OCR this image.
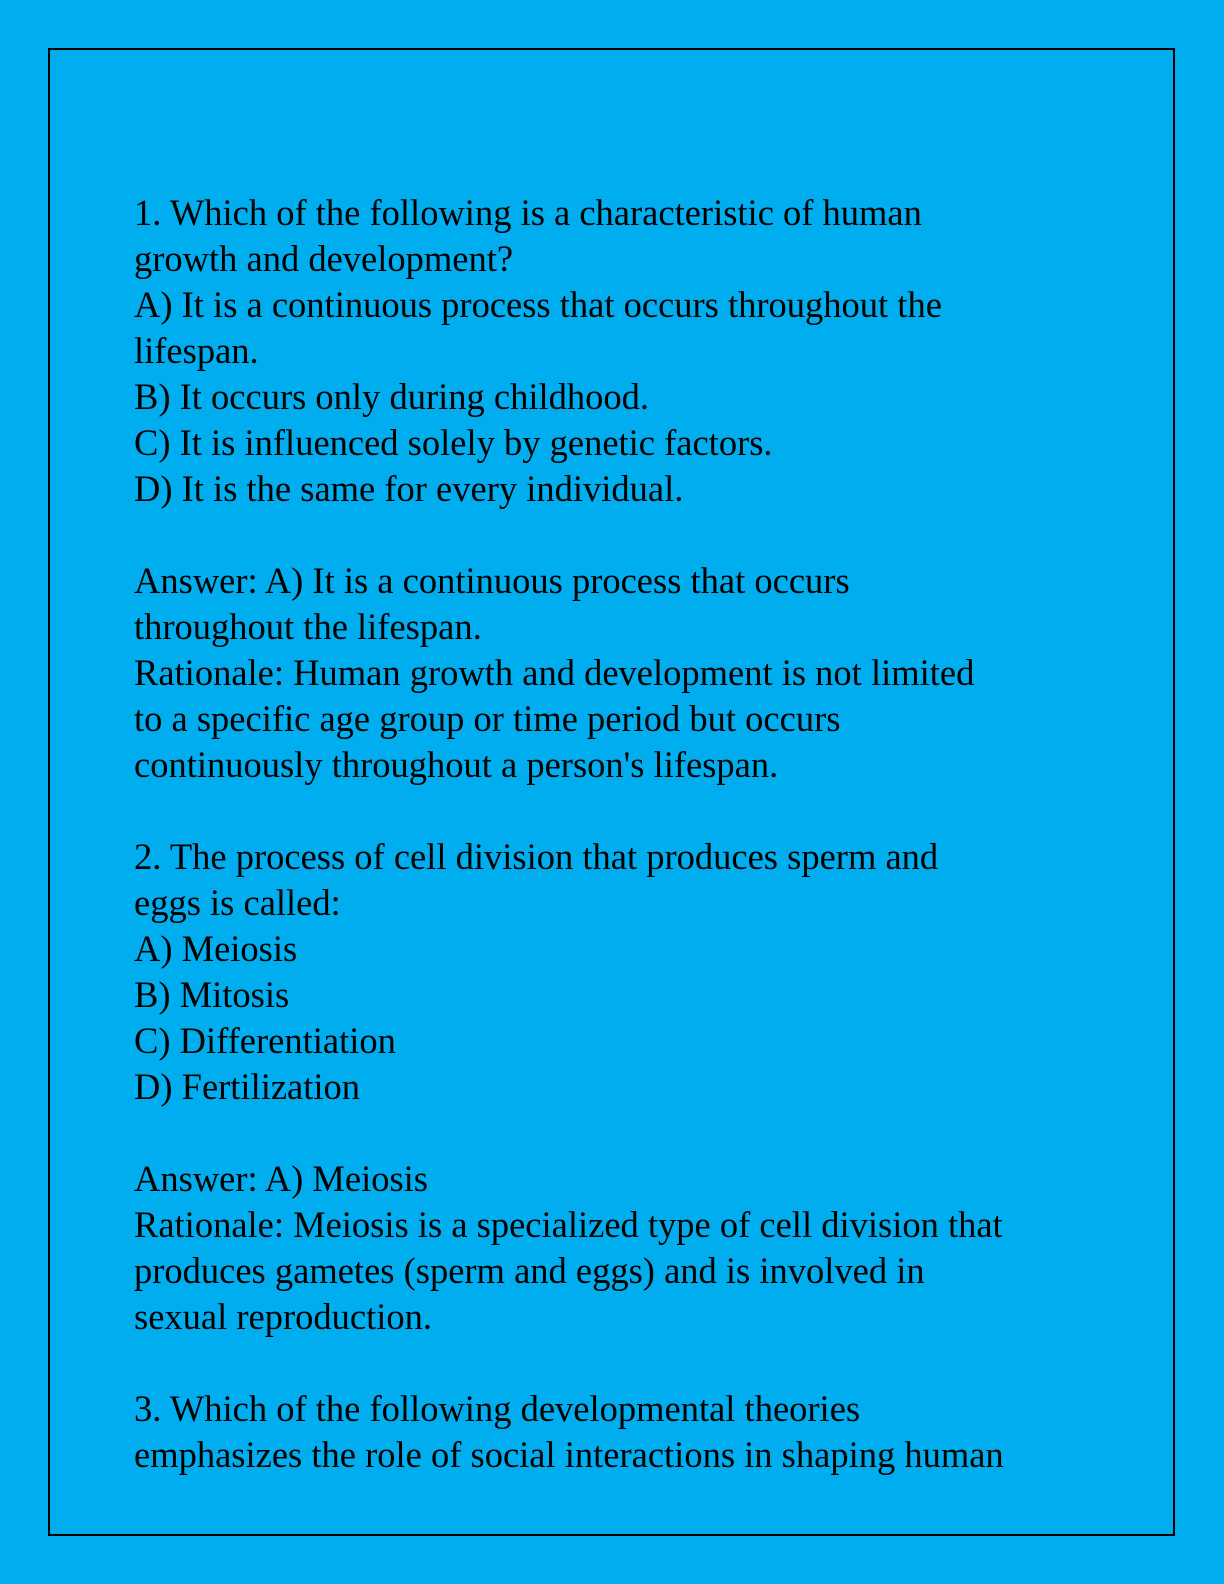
1. Which of the following is a characteristic of human
growth and development?
A) It is a continuous process that occurs throughout the
lifespan.
B) It occurs only during childhood.
C) It is influenced solely by genetic factors.
D) It is the same for every individual.
Answer: A) It is a continuous process that occurs
throughout the lifespan.
Rationale: Human growth and development is not limited
to a specific age group or time period but occurs
continuously throughout a person's lifespan.
2. The process of cell division that produces sperm and
eggs is called:
A) Meiosis
B) Mitosis
C) Differentiation
D) Fertilization
Answer: A) Meiosis
Rationale: Meiosis is a specialized type of cell division that
produces gametes (sperm and eggs) and is involved in
sexual reproduction.
3. Which of the following developmental theories
emphasizes the role of social interactions in shaping human
